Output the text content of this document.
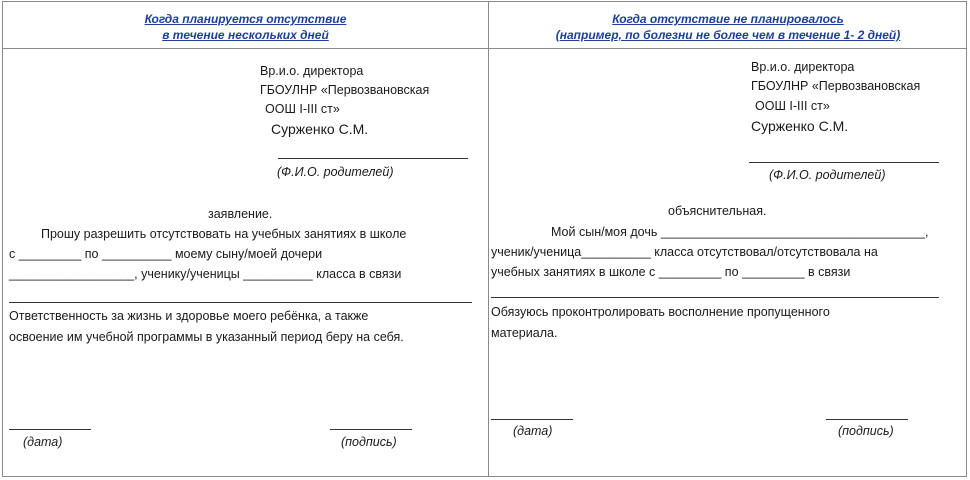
Когда планируется отсутствие
в течение нескольких дней
Вр.и.о. директора
ГБОУЛНР «Первозвановская
ООШ I-III ст»
Сурженко С.М.
(Ф.И.О. родителей)
заявление.
Прошу разрешить отсутствовать на учебных занятиях в школе
с _________ по __________ моему сыну/моей дочери
__________________, ученику/ученицы __________ класса в связи
Ответственность за жизнь и здоровье моего ребёнка, а также
освоение им учебной программы в указанный период беру на себя.
(дата)	(подпись)
Когда отсутствие не планировалось
(например, по болезни не более чем в течение 1- 2 дней)
Вр.и.о. директора
ГБОУЛНР «Первозвановская
ООШ I-III ст»
Сурженко С.М.
(Ф.И.О. родителей)
объяснительная.
Мой сын/моя дочь ______________________________________,
ученик/ученица__________ класса отсутствовал/отсутствовала на
учебных занятиях в школе с _________ по _________ в связи
Обязуюсь проконтролировать восполнение пропущенного
материала.
(дата)	(подпись)
